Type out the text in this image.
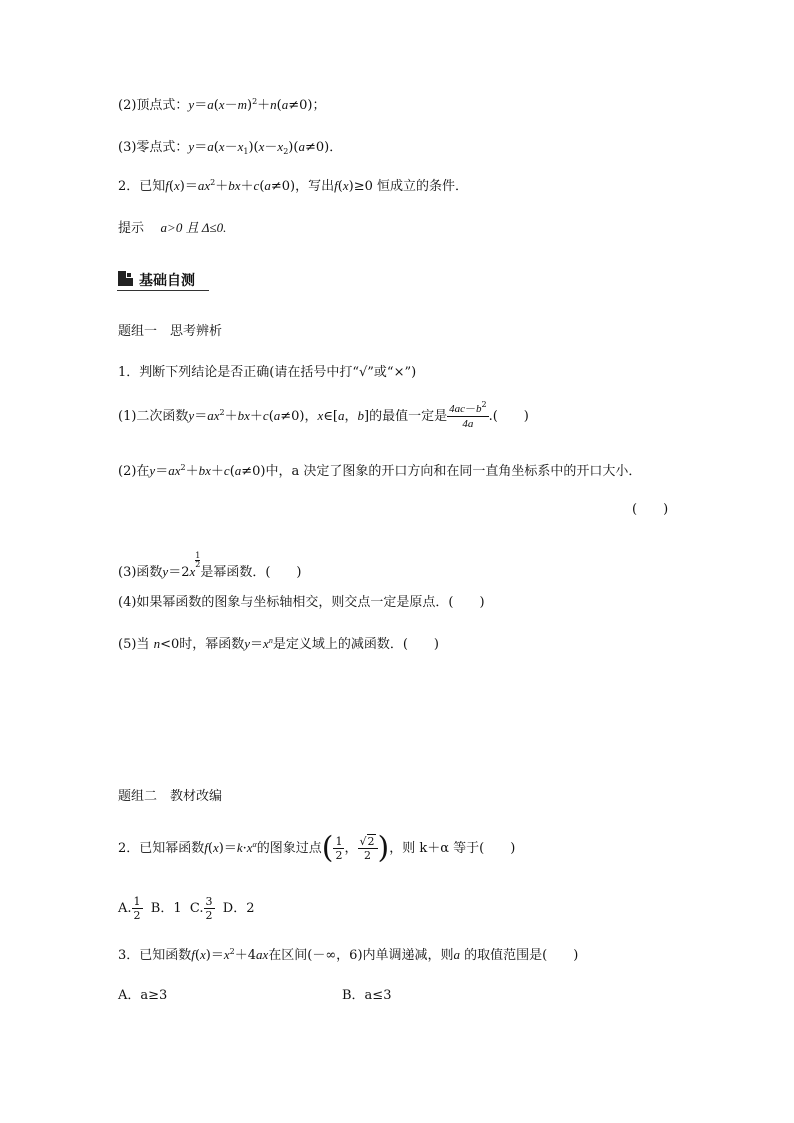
(2)顶点式：$y=a(x-m)^2+n(a\ne 0)$；
(3)零点式：$y=a(x-x_1)(x-x_2)(a\ne 0)$．
2．已知$f(x)=ax^2+bx+c(a\ne 0)$，写出f(x)≥0 恒成立的条件．
提示 a>0 且 Δ≤0.
基础自测
题组一　思考辨析
1．判断下列结论是否正确(请在括号中打“√”或“×”)
(1)二次函数$y=ax^2+bx+c(a\ne 0)$，x∈[a，b]的最值一定是 $\frac{4ac-b^2}{4a}$ .(　　)
(2)在$y=ax^2+bx+c(a\ne 0)$中，a 决定了图象的开口方向和在同一直角坐标系中的开口大小．
(　　)
(3)函数y＝2x
$\frac{1}{2}$
是幂函数．(　　)
(4)如果幂函数的图象与坐标轴相交，则交点一定是原点．(　　)
(5)当 n<0时，幂函数$y=x^n$是定义域上的减函数．(　　)
题组二　教材改编
2．已知幂函数$f(x)=k\cdot x^\alpha$的图象过点( $\frac{1}{2}$ ， $\frac{√2}{2}$ )，则 k＋α 等于(　　)
A. $\frac{1}{2}$ B．1 C. $\frac{3}{2}$ D．2
3．已知函数$f(x)=x^2+4ax$在区间(－∞，6)内单调递减，则a 的取值范围是(　　)
A．a≥3	B．a≤3
